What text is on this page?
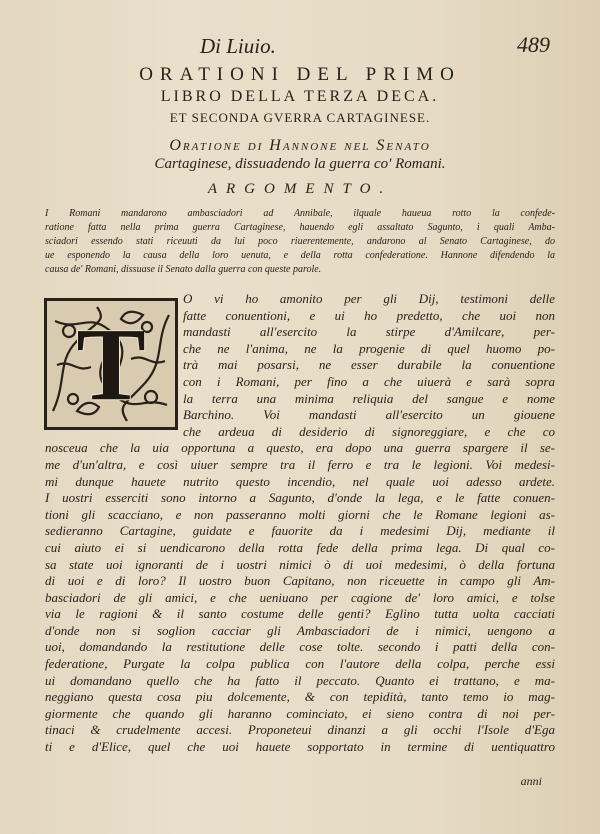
Di Liuio.	489
ORATIONI DEL PRIMO
LIBRO DELLA TERZA DECA.
ET SECONDA GVERRA CARTAGINESE.
Oratione di Hannone nel Senato
Cartaginese, dissuadendo la guerra co' Romani.
ARGOMENTO.
I Romani mandarono ambasciadori ad Annibale, ilquale haueua rotto la confede-
ratione fatta nella prima guerra Cartaginese, hauendo egli assaltato Sagunto, i quali Amba-
sciadori essendo stati riceuuti da lui poco riuerentemente, andarono al Senato Cartaginese, do
ue esponendo la causa della loro uenuta, e della rotta confederatione. Hannone difendendo la
causa de' Romani, dissuase il Senato dalla guerra con queste parole.
T
O vi ho amonito per gli Dij, testimoni delle
fatte conuentioni, e ui ho predetto, che uoi non
mandasti all'esercito la stirpe d'Amilcare, per-
che ne l'anima, ne la progenie di quel huomo po-
trà mai posarsi, ne esser durabile la conuentione
con i Romani, per fino a che uiuerà e sarà sopra
la terra una minima reliquia del sangue e nome
Barchino. Voi mandasti all'esercito un giouene
che ardeua di desiderio di signoreggiare, e che co
nosceua che la uia opportuna a questo, era dopo una guerra spargere il se-
me d'un'altra, e così uiuer sempre tra il ferro e tra le legioni. Voi medesi-
mi dunque hauete nutrito questo incendio, nel quale uoi adesso ardete.
I uostri esserciti sono intorno a Sagunto, d'onde la lega, e le fatte conuen-
tioni gli scacciano, e non passeranno molti giorni che le Romane legioni as-
sedieranno Cartagine, guidate e fauorite da i medesimi Dij, mediante il
cui aiuto ei si uendicarono della rotta fede della prima lega. Di qual co-
sa state uoi ignoranti de i uostri nimici ò di uoi medesimi, ò della fortuna
di uoi e di loro? Il uostro buon Capitano, non riceuette in campo gli Am-
basciadori de gli amici, e che ueniuano per cagione de' loro amici, e tolse
via le ragioni & il santo costume delle genti? Eglino tutta uolta cacciati
d'onde non si soglion cacciar gli Ambasciadori de i nimici, uengono a
uoi, domandando la restitutione delle cose tolte. secondo i patti della con-
federatione, Purgate la colpa publica con l'autore della colpa, perche essi
ui domandano quello che ha fatto il peccato. Quanto ei trattano, e ma-
neggiano questa cosa piu dolcemente, & con tepidità, tanto temo io mag-
giormente che quando gli haranno cominciato, ei sieno contra di noi per-
tinaci & crudelmente accesi. Proponeteui dinanzi a gli occhi l'Isole d'Ega
ti e d'Elice, quel che uoi hauete sopportato in termine di uentiquattro
anni
